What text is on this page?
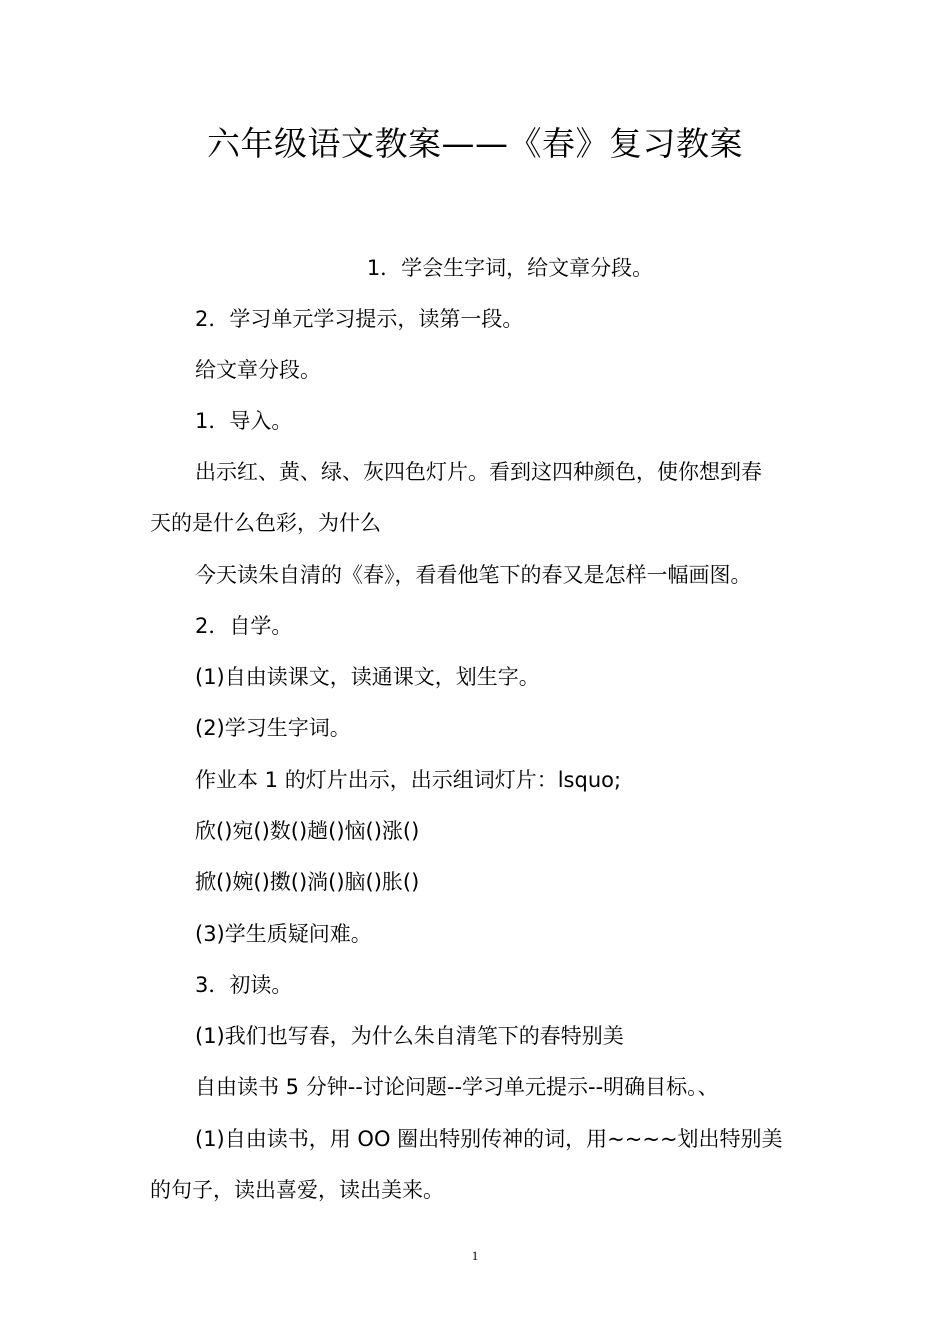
六年级语文教案——《春》复习教案
1．学会生字词，给文章分段。
2．学习单元学习提示，读第一段。
给文章分段。
1．导入。
出示红、黄、绿、灰四色灯片。看到这四种颜色，使你想到春
天的是什么色彩，为什么
今天读朱自清的《春》，看看他笔下的春又是怎样一幅画图。
2．自学。
(1)自由读课文，读通课文，划生字。
(2)学习生字词。
作业本 1 的灯片出示，出示组词灯片：lsquo;
欣()宛()数()趟()恼()涨()
掀()婉()擞()淌()脑()胀()
(3)学生质疑问难。
3．初读。
(1)我们也写春，为什么朱自清笔下的春特别美
自由读书 5 分钟--讨论问题--学习单元提示--明确目标。、
(1)自由读书，用 OO 圈出特别传神的词，用~~~~划出特别美
的句子，读出喜爱，读出美来。
1
